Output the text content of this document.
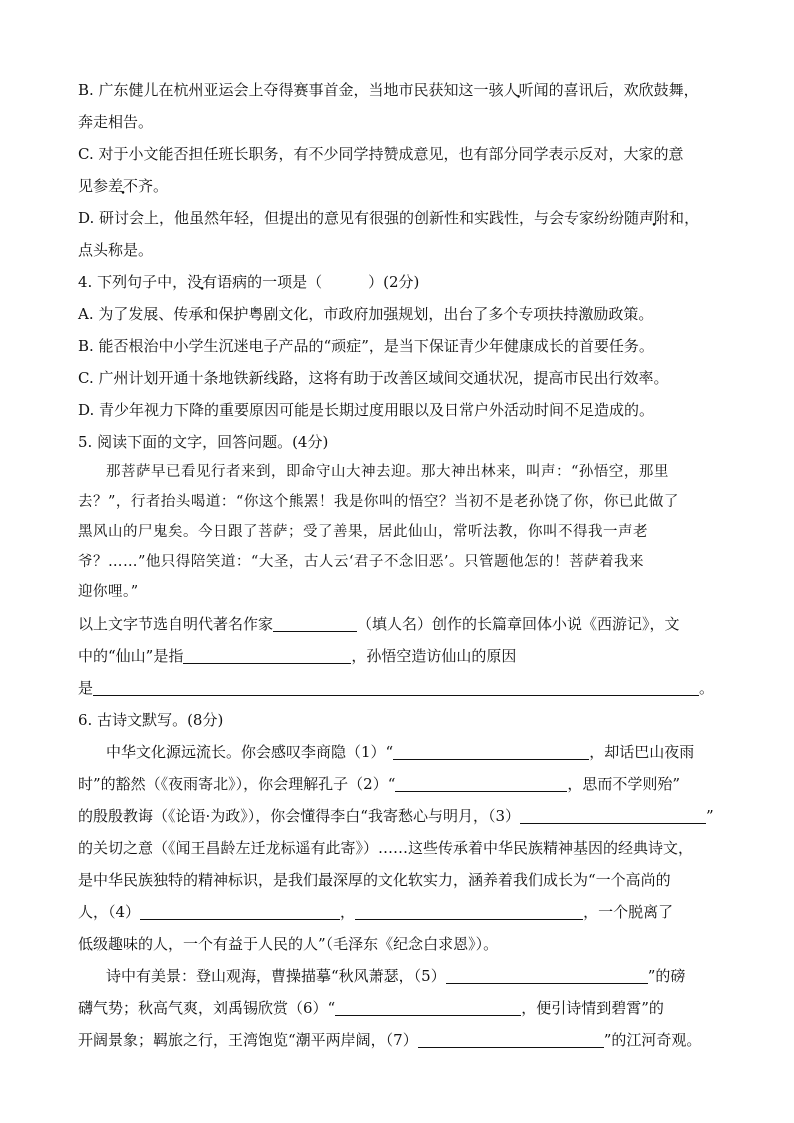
B. 广东健儿在杭州亚运会上夺得赛事首金，当地市民获知这一骇人听闻的喜讯后，欢欣鼓舞，
奔走相告。
C. 对于小文能否担任班长职务，有不少同学持赞成意见，也有部分同学表示反对，大家的意
见参差不齐。
D. 研讨会上，他虽然年轻，但提出的意见有很强的创新性和实践性，与会专家纷纷随声附和，
点头称是。
4. 下列句子中，没有语病的一项是（	）(2分)
A. 为了发展、传承和保护粤剧文化，市政府加强规划，出台了多个专项扶持激励政策。
B. 能否根治中小学生沉迷电子产品的“顽症”，是当下保证青少年健康成长的首要任务。
C. 广州计划开通十条地铁新线路，这将有助于改善区域间交通状况，提高市民出行效率。
D. 青少年视力下降的重要原因可能是长期过度用眼以及日常户外活动时间不足造成的。
5. 阅读下面的文字，回答问题。(4分)
那菩萨早已看见行者来到，即命守山大神去迎。那大神出林来，叫声：“孙悟空，那里
去？”，行者抬头喝道：“你这个熊罴！我是你叫的悟空？当初不是老孙饶了你，你已此做了
黑风山的尸鬼矣。今日跟了菩萨；受了善果，居此仙山，常听法教，你叫不得我一声老
爷？……”他只得陪笑道：“大圣，古人云‘君子不念旧恶’。只管题他怎的！菩萨着我来
迎你哩。”
以上文字节选自明代著名作家	（填人名）创作的长篇章回体小说《西游记》，文
中的“仙山”是指	，孙悟空造访仙山的原因
是	。
6. 古诗文默写。(8分)
中华文化源远流长。你会感叹李商隐（1）“	，却话巴山夜雨
时”的豁然（《夜雨寄北》），你会理解孔子（2）“	，思而不学则殆”
的殷殷教诲（《论语·为政》），你会懂得李白“我寄愁心与明月，（3）	”
的关切之意（《闻王昌龄左迁龙标遥有此寄》）……这些传承着中华民族精神基因的经典诗文，
是中华民族独特的精神标识，是我们最深厚的文化软实力，涵养着我们成长为“一个高尚的
人，（4）	，	，一个脱离了
低级趣味的人，一个有益于人民的人”（毛泽东《纪念白求恩》）。
诗中有美景：登山观海，曹操描摹“秋风萧瑟，（5）	”的磅
礴气势；秋高气爽，刘禹锡欣赏（6）“	，便引诗情到碧霄”的
开阔景象；羁旅之行，王湾饱览“潮平两岸阔，（7）	”的江河奇观。
